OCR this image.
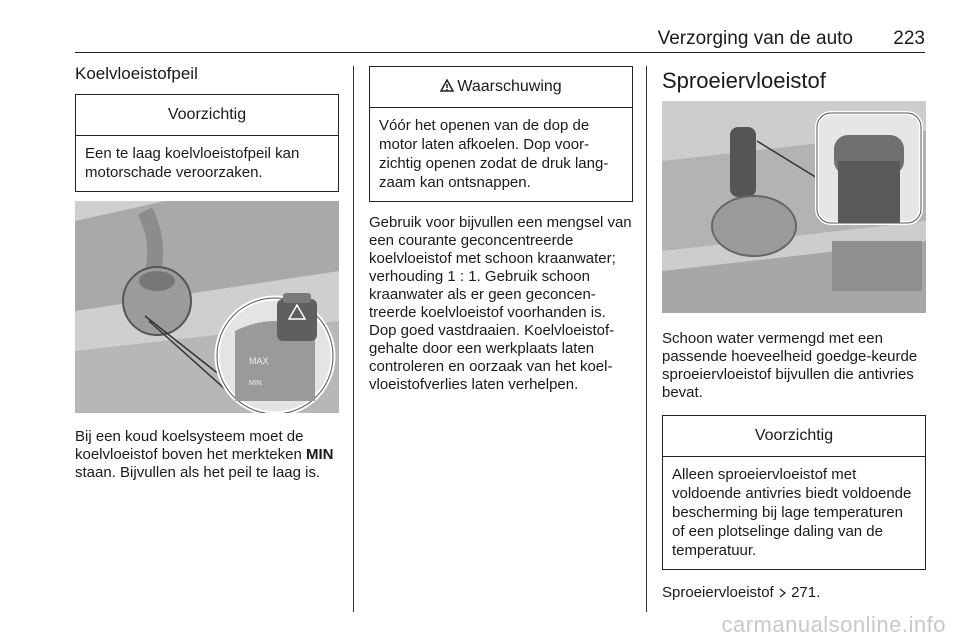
Verzorging van de auto 223
Koelvloeistofpeil
Voorzichtig
Een te laag koelvloeistofpeil kan motorschade veroorzaken.
MAX
MIN

Bij een koud koelsysteem moet de koelvloeistof boven het merkteken MIN staan. Bijvullen als het peil te laag is.

Waarschuwing
Vóór het openen van de dop de motor laten afkoelen. Dop voor-zichtig openen zodat de druk lang-zaam kan ontsnappen.

Gebruik voor bijvullen een mengsel van een courante geconcentreerde koelvloeistof met schoon kraanwater; verhouding 1 : 1. Gebruik schoon kraanwater als er geen geconcen-treerde koelvloeistof voorhanden is. Dop goed vastdraaien. Koelvloeistof-gehalte door een werkplaats laten controleren en oorzaak van het koel-vloeistofverlies laten verhelpen.

Sproeiervloeistof

Schoon water vermengd met een passende hoeveelheid goedge-keurde sproeiervloeistof bijvullen die antivries bevat.

Voorzichtig
Alleen sproeiervloeistof met voldoende antivries biedt voldoende bescherming bij lage temperaturen of een plotselinge daling van de temperatuur.

Sproeiervloeistof 271.

carmanualsonline.info
